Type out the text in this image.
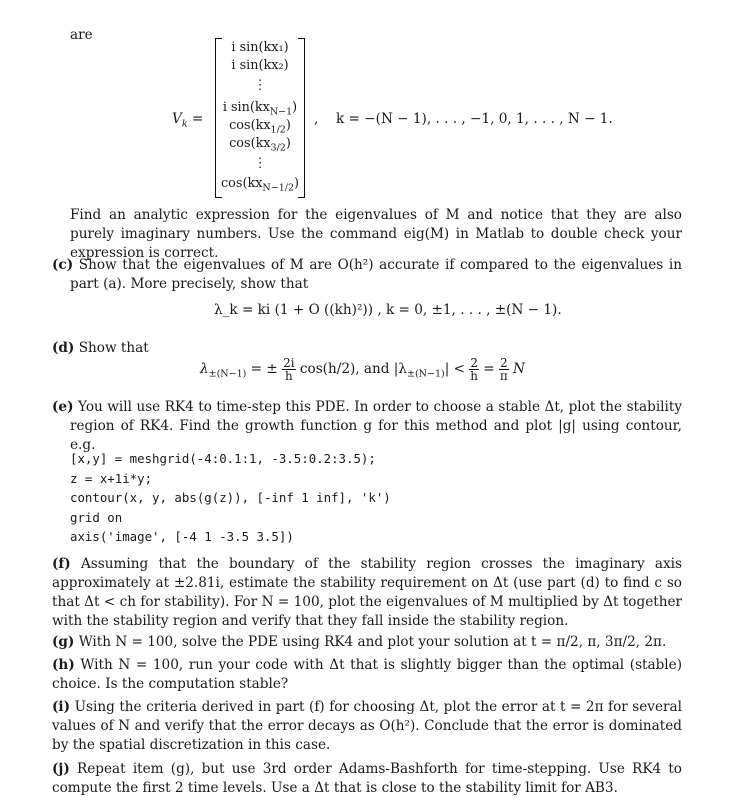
are
$V_k$ =
i sin(kx₁)
i sin(kx₂)
⋮
i $\sin(kx_{N-1})$
$\cos(kx_{1/2})$
$\cos(kx_{3/2})$
⋮
$\cos(kx_{N-1/2})$
, k = −(N − 1), . . . , −1, 0, 1, . . . , N − 1.
Find an analytic expression for the eigenvalues of M and notice that they are also purely imaginary numbers. Use the command eig(M) in Matlab to double check your expression is correct.
(c) Show that the eigenvalues of M are O(h²) accurate if compared to the eigenvalues in part (a). More precisely, show that
λ_k = ki (1 + O ((kh)²)) , k = 0, ±1, . . . , ±(N − 1).
(d) Show that
$\lambda_{\pm(N-1)}$ = ± $\frac{2i}{h} \cos(h/2)$, and $|\lambda_{\pm(N-1)}| < \frac{2}{h} = \frac{2}{\pi}$ N
(e) You will use RK4 to time-step this PDE. In order to choose a stable Δt, plot the stability region of RK4. Find the growth function g for this method and plot |g| using contour, e.g.
[x,y] = meshgrid(-4:0.1:1, -3.5:0.2:3.5);
z = x+1i*y;
contour(x, y, abs(g(z)), [-inf 1 inf], 'k')
grid on
axis('image', [-4 1 -3.5 3.5])
(f) Assuming that the boundary of the stability region crosses the imaginary axis approximately at ±2.81i, estimate the stability requirement on Δt (use part (d) to find c so that Δt < ch for stability). For N = 100, plot the eigenvalues of M multiplied by Δt together with the stability region and verify that they fall inside the stability region.
(g) With N = 100, solve the PDE using RK4 and plot your solution at t = π/2, π, 3π/2, 2π.
(h) With N = 100, run your code with Δt that is slightly bigger than the optimal (stable) choice. Is the computation stable?
(i) Using the criteria derived in part (f) for choosing Δt, plot the error at t = 2π for several values of N and verify that the error decays as O(h²). Conclude that the error is dominated by the spatial discretization in this case.
(j) Repeat item (g), but use 3rd order Adams-Bashforth for time-stepping. Use RK4 to compute the first 2 time levels. Use a Δt that is close to the stability limit for AB3.
